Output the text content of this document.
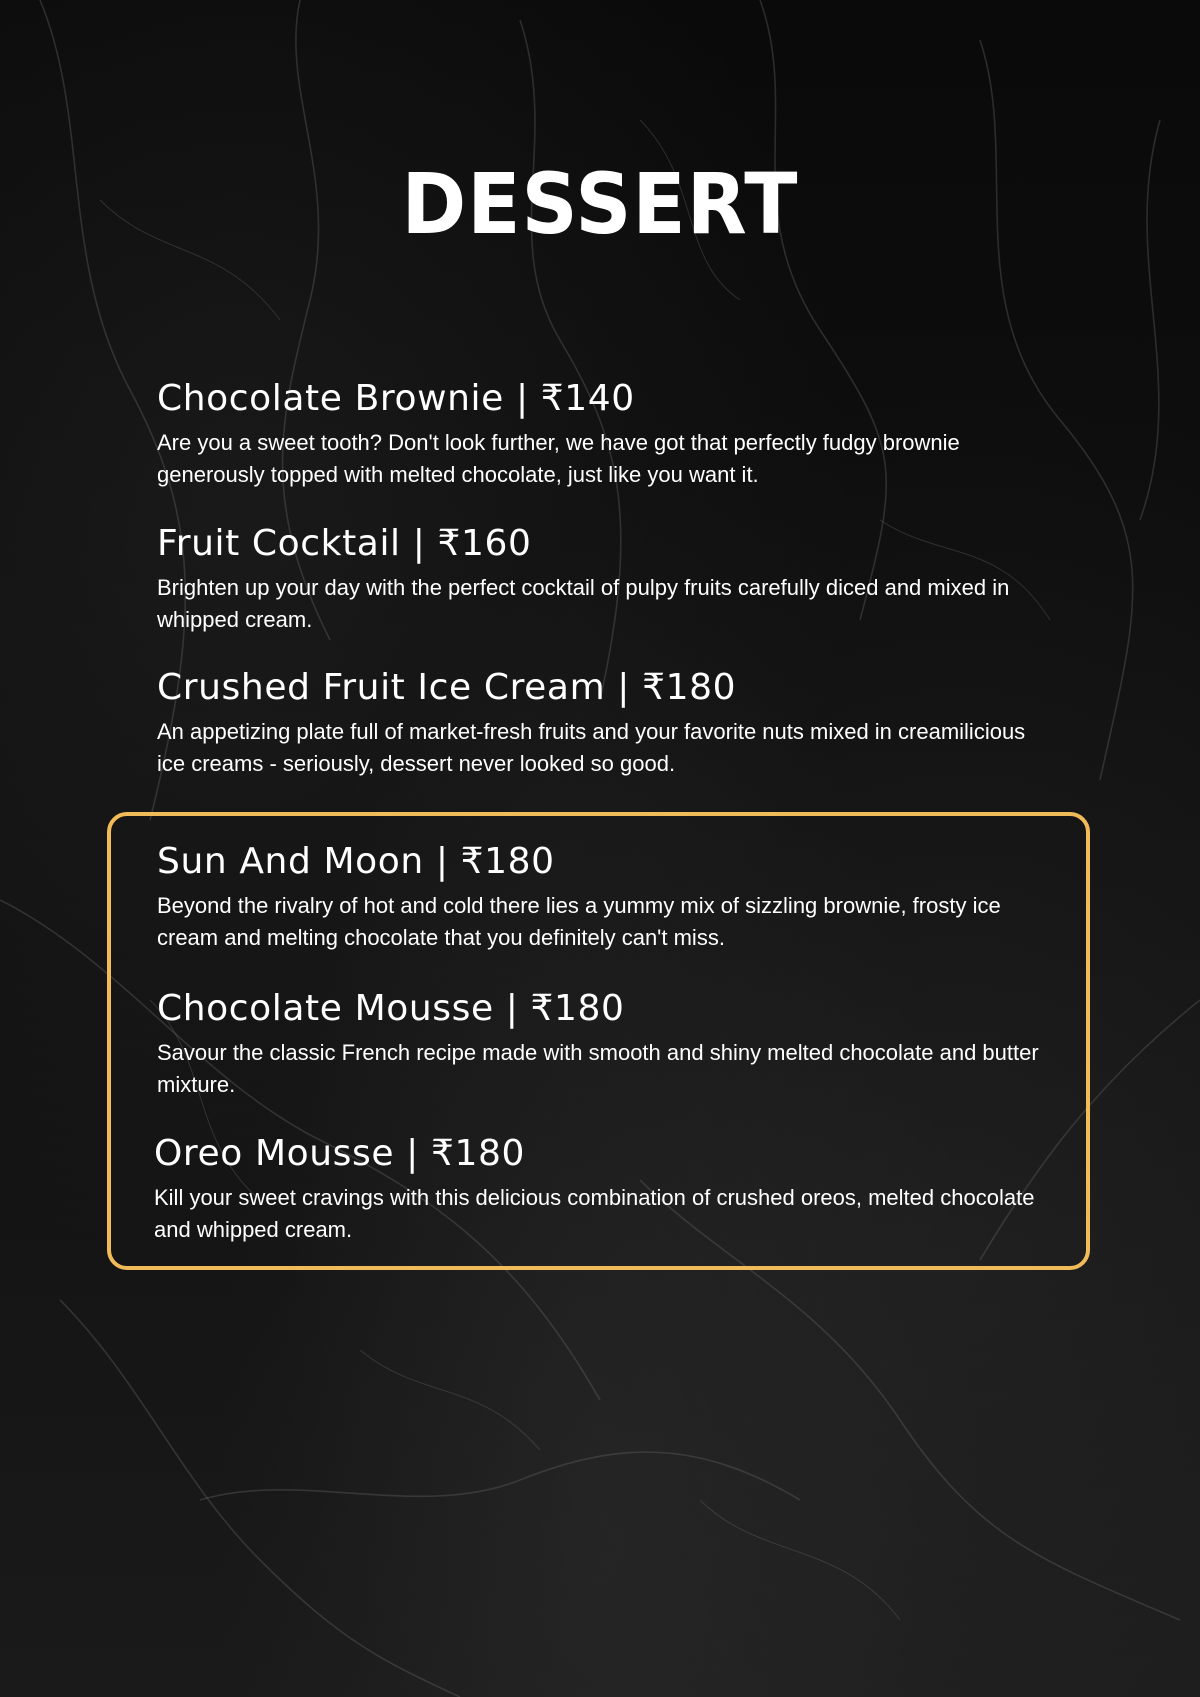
DESSERT

Chocolate Brownie | ₹140

Are you a sweet tooth? Don't look further, we have got that perfectly fudgy brownie generously topped with melted chocolate, just like you want it.

Fruit Cocktail | ₹160

Brighten up your day with the perfect cocktail of pulpy fruits carefully diced and mixed in whipped cream.

Crushed Fruit Ice Cream | ₹180

An appetizing plate full of market-fresh fruits and your favorite nuts mixed in creamilicious ice creams - seriously, dessert never looked so good.

Sun And Moon | ₹180

Beyond the rivalry of hot and cold there lies a yummy mix of sizzling brownie, frosty ice cream and melting chocolate that you definitely can't miss.

Chocolate Mousse | ₹180

Savour the classic French recipe made with smooth and shiny melted chocolate and butter mixture.

Oreo Mousse | ₹180

Kill your sweet cravings with this delicious combination of crushed oreos, melted chocolate and whipped cream.
